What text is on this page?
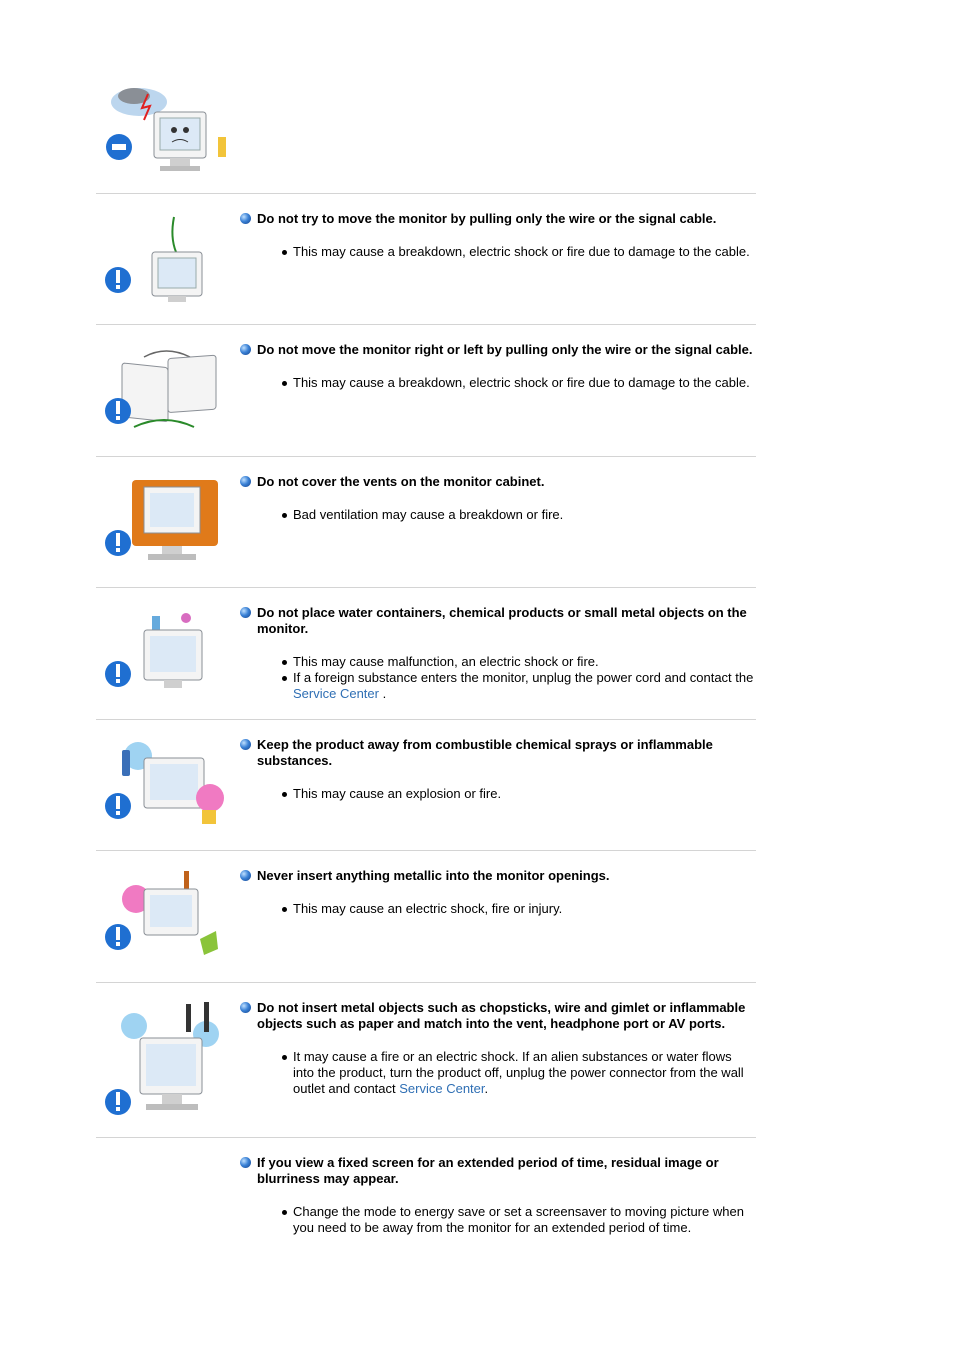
Do not try to move the monitor by pulling only the wire or the signal cable.
This may cause a breakdown, electric shock or fire due to damage to the cable.
Do not move the monitor right or left by pulling only the wire or the signal cable.
This may cause a breakdown, electric shock or fire due to damage to the cable.
Do not cover the vents on the monitor cabinet.
Bad ventilation may cause a breakdown or fire.
Do not place water containers, chemical products or small metal objects on the monitor.
This may cause malfunction, an electric shock or fire.
If a foreign substance enters the monitor, unplug the power cord and contact the Service Center .
Keep the product away from combustible chemical sprays or inflammable substances.
This may cause an explosion or fire.
Never insert anything metallic into the monitor openings.
This may cause an electric shock, fire or injury.
Do not insert metal objects such as chopsticks, wire and gimlet or inflammable objects such as paper and match into the vent, headphone port or AV ports.
It may cause a fire or an electric shock. If an alien substances or water flows into the product, turn the product off, unplug the power connector from the wall outlet and contact Service Center.
If you view a fixed screen for an extended period of time, residual image or blurriness may appear.
Change the mode to energy save or set a screensaver to moving picture when you need to be away from the monitor for an extended period of time.
